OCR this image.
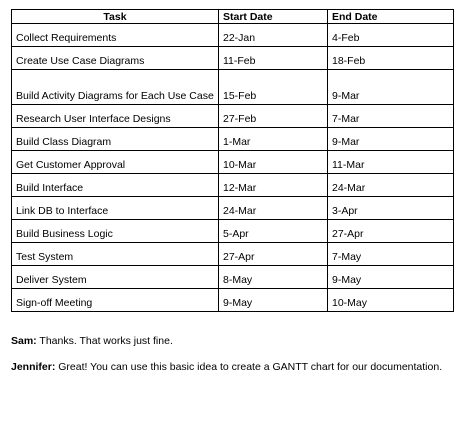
Task	Start Date	End Date
Collect Requirements	22-Jan	4-Feb
Create Use Case Diagrams	11-Feb	18-Feb
Build Activity Diagrams for Each Use Case	15-Feb	9-Mar
Research User Interface Designs	27-Feb	7-Mar
Build Class Diagram	1-Mar	9-Mar
Get Customer Approval	10-Mar	11-Mar
Build Interface	12-Mar	24-Mar
Link DB to Interface	24-Mar	3-Apr
Build Business Logic	5-Apr	27-Apr
Test System	27-Apr	7-May
Deliver System	8-May	9-May
Sign-off Meeting	9-May	10-May
Sam: Thanks. That works just fine.
Jennifer: Great! You can use this basic idea to create a GANTT chart for our documentation.
